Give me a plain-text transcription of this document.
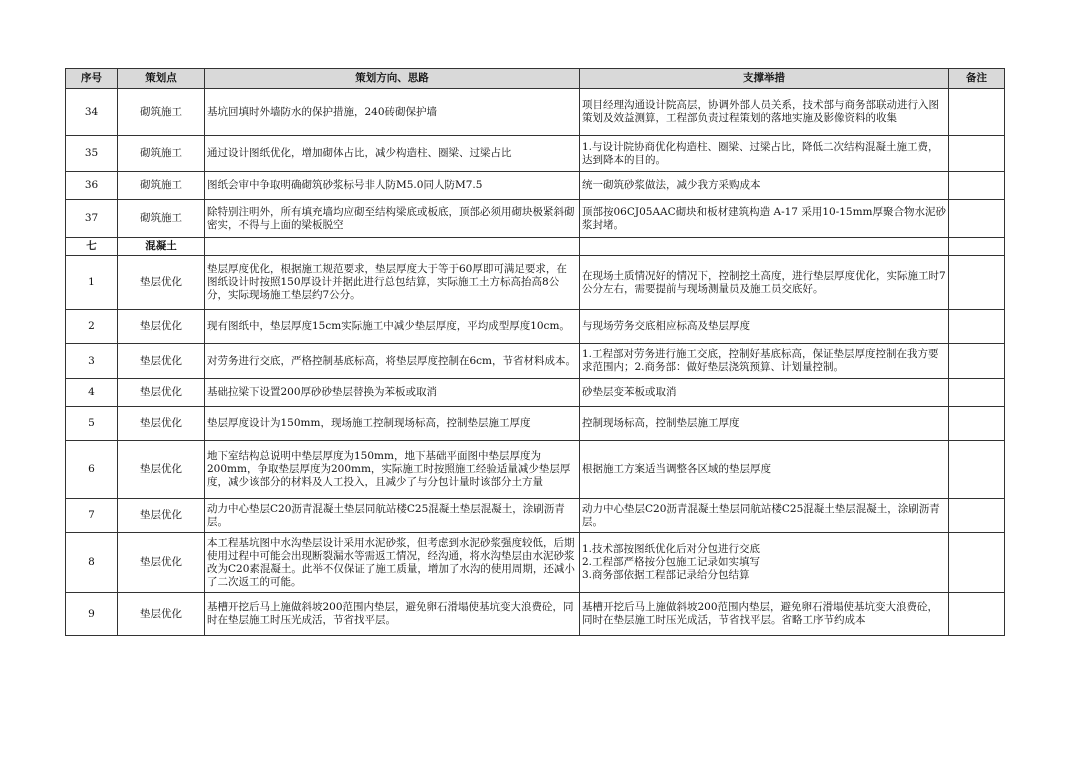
序号	策划点	策划方向、思路	支撑举措	备注
34	砌筑施工	基坑回填时外墙防水的保护措施，240砖砌保护墙	项目经理沟通设计院高层，协调外部人员关系，技术部与商务部联动进行入图策划及效益测算，工程部负责过程策划的落地实施及影像资料的收集	
35	砌筑施工	通过设计图纸优化，增加砌体占比，减少构造柱、圈梁、过梁占比	1.与设计院协商优化构造柱、圈梁、过梁占比，降低二次结构混凝土施工费，达到降本的目的。	
36	砌筑施工	图纸会审中争取明确砌筑砂浆标号非人防M5.0同人防M7.5	统一砌筑砂浆做法，减少我方采购成本	
37	砌筑施工	除特别注明外，所有填充墙均应砌至结构梁底或板底，顶部必须用砌块极紧斜砌密实，不得与上面的梁板脱空	顶部按06CJ05AAC砌块和板材建筑构造 A-17 采用10-15mm厚聚合物水泥砂浆封堵。	
七	混凝土			
1	垫层优化	垫层厚度优化，根据施工规范要求，垫层厚度大于等于60厚即可满足要求，在图纸设计时按照150厚设计并据此进行总包结算，实际施工土方标高抬高8公分，实际现场施工垫层约7公分。	在现场土质情况好的情况下，控制挖土高度，进行垫层厚度优化，实际施工时7公分左右，需要提前与现场测量员及施工员交底好。	
2	垫层优化	现有图纸中，垫层厚度15cm实际施工中减少垫层厚度，平均成型厚度10cm。	与现场劳务交底相应标高及垫层厚度	
3	垫层优化	对劳务进行交底，严格控制基底标高，将垫层厚度控制在6cm，节省材料成本。	1.工程部对劳务进行施工交底，控制好基底标高，保证垫层厚度控制在我方要求范围内；2.商务部：做好垫层浇筑预算、计划量控制。	
4	垫层优化	基础拉梁下设置200厚砂砂垫层替换为苯板或取消	砂垫层变苯板或取消	
5	垫层优化	垫层厚度设计为150mm，现场施工控制现场标高，控制垫层施工厚度	控制现场标高，控制垫层施工厚度	
6	垫层优化	地下室结构总说明中垫层厚度为150mm，地下基础平面图中垫层厚度为200mm，争取垫层厚度为200mm，实际施工时按照施工经验适量减少垫层厚度，减少该部分的材料及人工投入，且减少了与分包计量时该部分土方量	根据施工方案适当调整各区域的垫层厚度	
7	垫层优化	动力中心垫层C20沥青混凝土垫层同航站楼C25混凝土垫层混凝土，涂刷沥青层。	动力中心垫层C20沥青混凝土垫层同航站楼C25混凝土垫层混凝土，涂刷沥青层。	
8	垫层优化	本工程基坑图中水沟垫层设计采用水泥砂浆，但考虑到水泥砂浆强度较低，后期使用过程中可能会出现断裂漏水等需返工情况，经沟通，将水沟垫层由水泥砂浆改为C20素混凝土。此举不仅保证了施工质量，增加了水沟的使用周期，还减小了二次返工的可能。	1.技术部按图纸优化后对分包进行交底
2.工程部严格按分包施工记录如实填写
3.商务部依据工程部记录给分包结算	
9	垫层优化	基槽开挖后马上施做斜坡200范围内垫层，避免卵石滑塌使基坑变大浪费砼，同时在垫层施工时压光成活，节省找平层。	基槽开挖后马上施做斜坡200范围内垫层，避免卵石滑塌使基坑变大浪费砼，同时在垫层施工时压光成活，节省找平层。省略工序节约成本	
